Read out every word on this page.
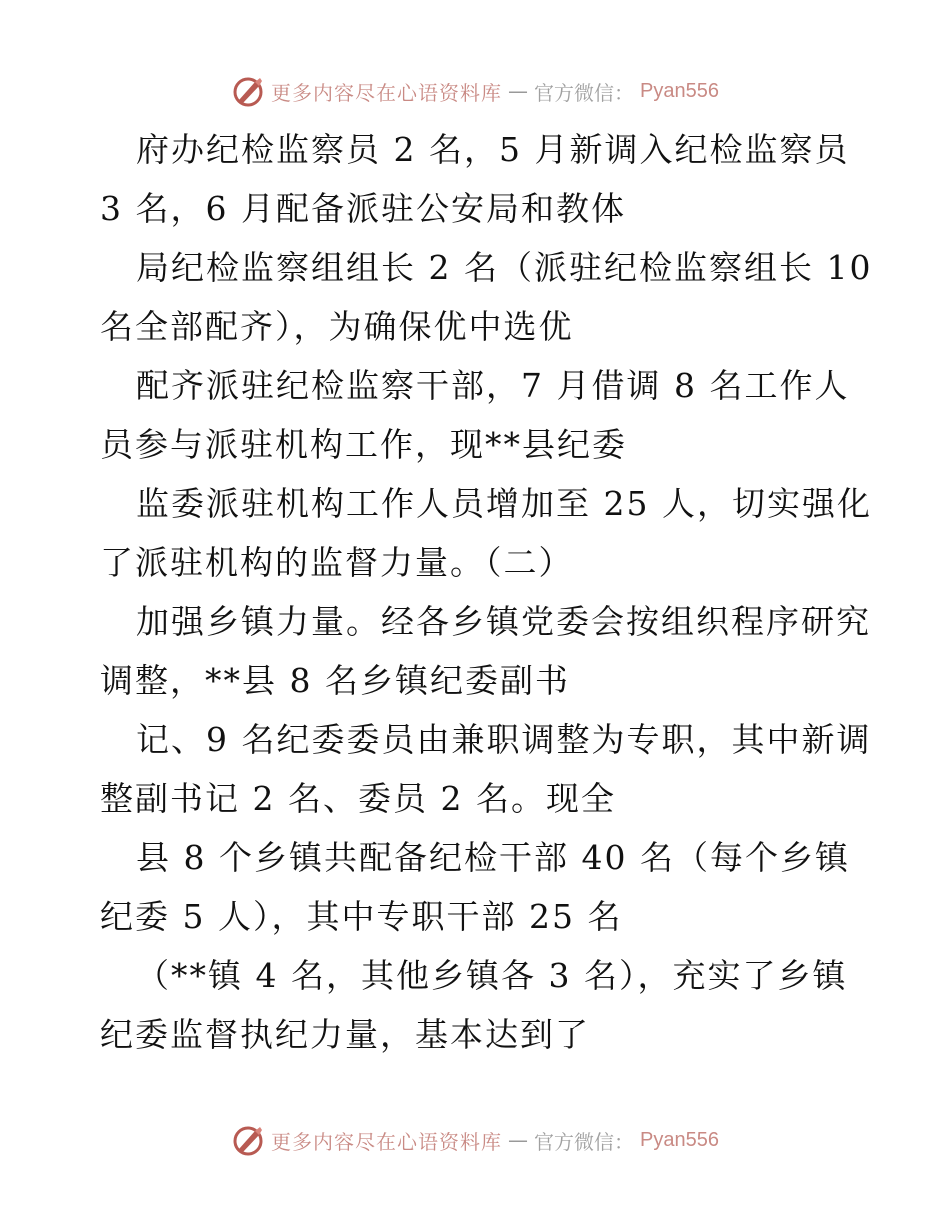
更多内容尽在心语资料库 — 官方微信： Pyan556

府办纪检监察员 2 名，5 月新调入纪检监察员
3 名，6 月配备派驻公安局和教体

局纪检监察组组长 2 名（派驻纪检监察组长 10
名全部配齐），为确保优中选优

配齐派驻纪检监察干部，7 月借调 8 名工作人
员参与派驻机构工作，现**县纪委

监委派驻机构工作人员增加至 25 人，切实强化
了派驻机构的监督力量。（二）

加强乡镇力量。经各乡镇党委会按组织程序研究
调整，**县 8 名乡镇纪委副书

记、9 名纪委委员由兼职调整为专职，其中新调
整副书记 2 名、委员 2 名。现全

县 8 个乡镇共配备纪检干部 40 名（每个乡镇
纪委 5 人），其中专职干部 25 名

（**镇 4 名，其他乡镇各 3 名），充实了乡镇
纪委监督执纪力量，基本达到了

更多内容尽在心语资料库 — 官方微信： Pyan556
